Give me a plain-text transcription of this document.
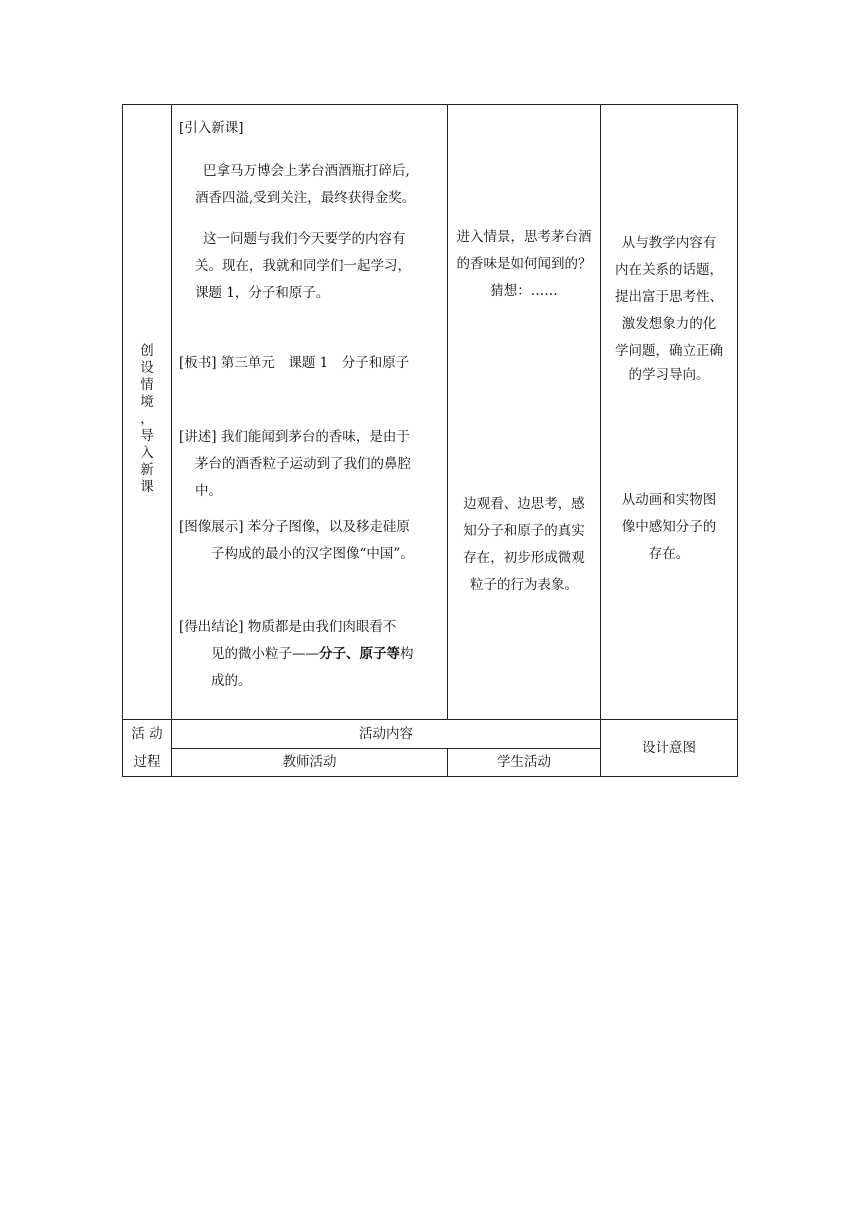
创
设
情
境
，
导
入
新
课

[引入新课]

巴拿马万博会上茅台酒酒瓶打碎后,

酒香四溢,受到关注，最终获得金奖。

这一问题与我们今天要学的内容有

关。现在，我就和同学们一起学习，

课题 1，分子和原子。

[板书] 第三单元　课题 1　分子和原子

[讲述] 我们能闻到茅台的香味，是由于

茅台的酒香粒子运动到了我们的鼻腔

中。

[图像展示] 苯分子图像，以及移走硅原

子构成的最小的汉字图像“中国”。

[得出结论] 物质都是由我们肉眼看不

见的微小粒子——分子、原子等构

成的。

进入情景，思考茅台酒

的香味是如何闻到的？

猜想：……

边观看、边思考，感

知分子和原子的真实

存在，初步形成微观

粒子的行为表象。

从与教学内容有

内在关系的话题，

提出富于思考性、

激发想象力的化

学问题，确立正确

的学习导向。

从动画和实物图

像中感知分子的

存在。

活 动

过程

活动内容

教师活动	学生活动

设计意图
